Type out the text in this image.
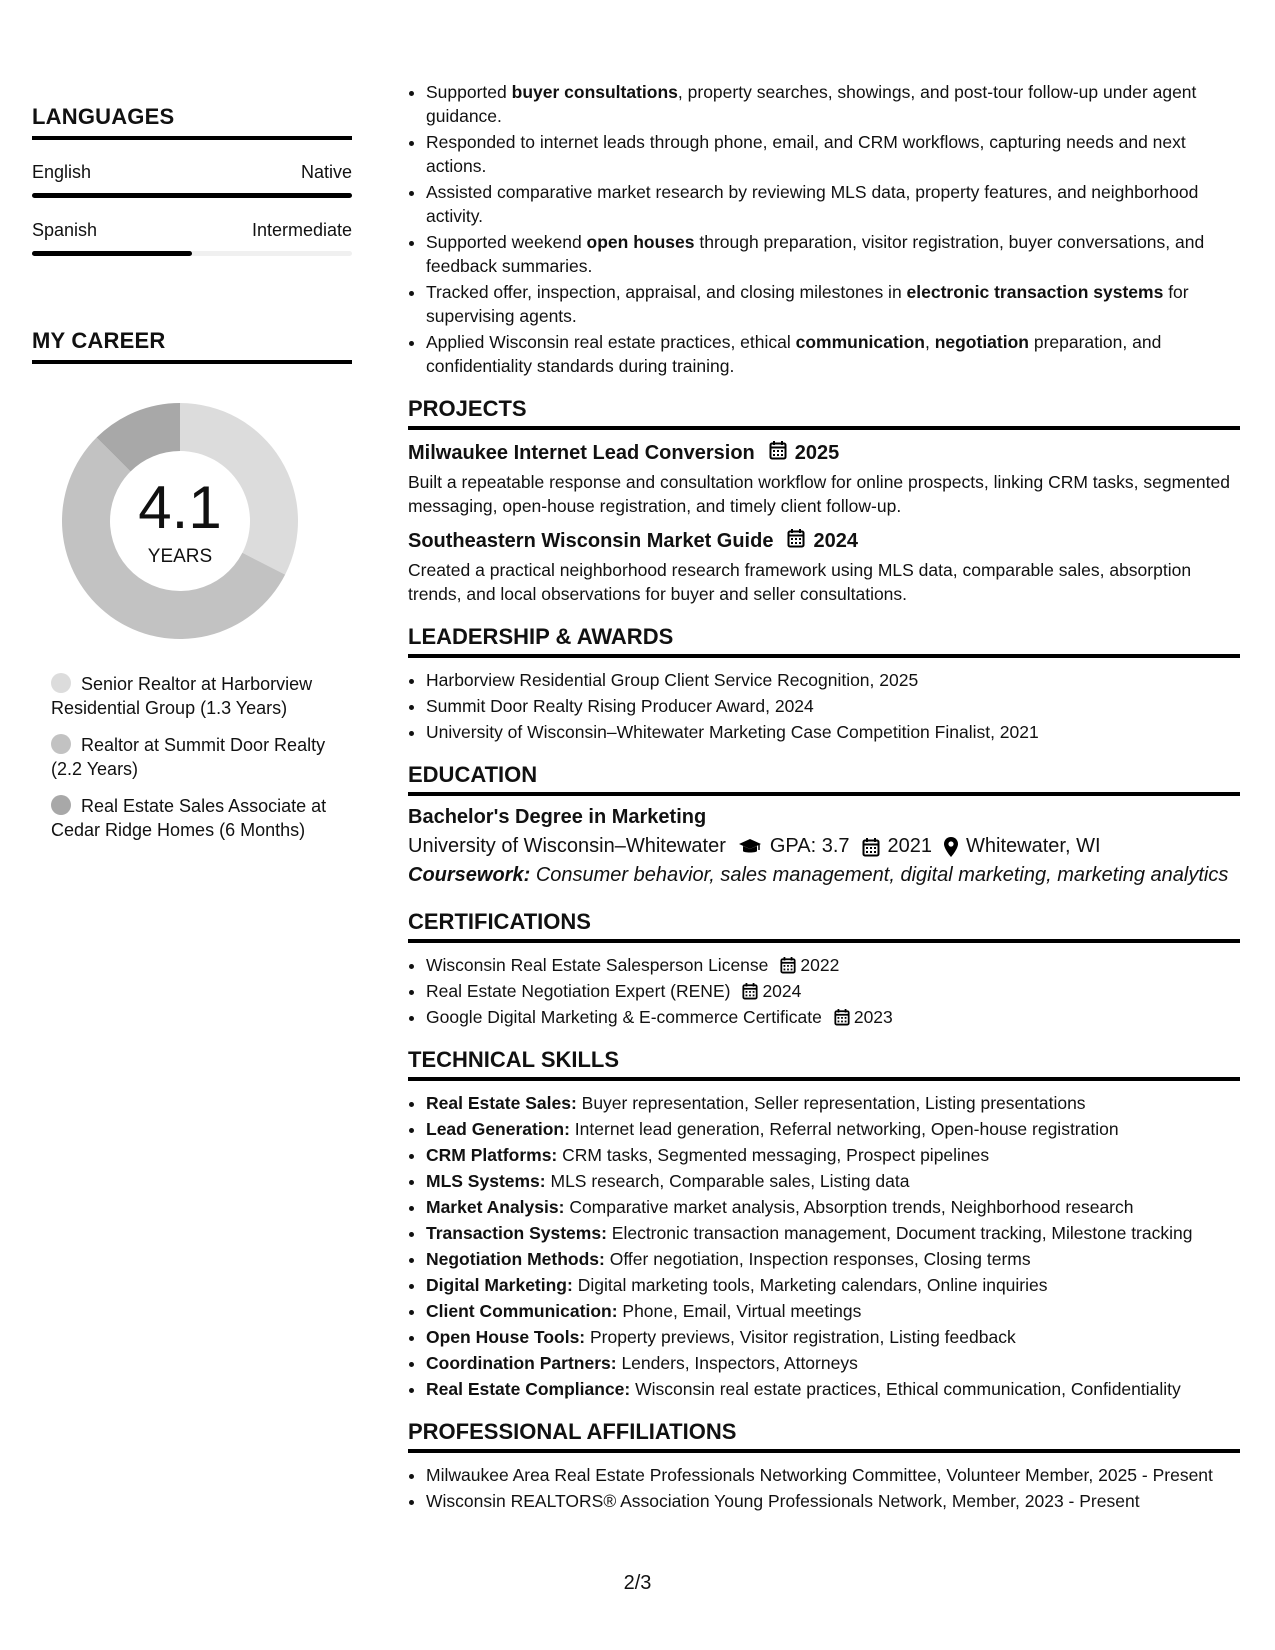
LANGUAGES
English	Native
Spanish	Intermediate
MY CAREER
4.1
YEARS
Senior Realtor at Harborview Residential Group (1.3 Years)
Realtor at Summit Door Realty (2.2 Years)
Real Estate Sales Associate at Cedar Ridge Homes (6 Months)
• Supported buyer consultations, property searches, showings, and post-tour follow-up under agent guidance.
• Responded to internet leads through phone, email, and CRM workflows, capturing needs and next actions.
• Assisted comparative market research by reviewing MLS data, property features, and neighborhood activity.
• Supported weekend open houses through preparation, visitor registration, buyer conversations, and feedback summaries.
• Tracked offer, inspection, appraisal, and closing milestones in electronic transaction systems for supervising agents.
• Applied Wisconsin real estate practices, ethical communication, negotiation preparation, and confidentiality standards during training.
PROJECTS
Milwaukee Internet Lead Conversion 2025
Built a repeatable response and consultation workflow for online prospects, linking CRM tasks, segmented messaging, open-house registration, and timely client follow-up.
Southeastern Wisconsin Market Guide 2024
Created a practical neighborhood research framework using MLS data, comparable sales, absorption trends, and local observations for buyer and seller consultations.
LEADERSHIP & AWARDS
• Harborview Residential Group Client Service Recognition, 2025
• Summit Door Realty Rising Producer Award, 2024
• University of Wisconsin–Whitewater Marketing Case Competition Finalist, 2021
EDUCATION
Bachelor's Degree in Marketing
University of Wisconsin–Whitewater GPA: 3.7 2021 Whitewater, WI
Coursework: Consumer behavior, sales management, digital marketing, marketing analytics
CERTIFICATIONS
• Wisconsin Real Estate Salesperson License 2022
• Real Estate Negotiation Expert (RENE) 2024
• Google Digital Marketing & E-commerce Certificate 2023
TECHNICAL SKILLS
• Real Estate Sales: Buyer representation, Seller representation, Listing presentations
• Lead Generation: Internet lead generation, Referral networking, Open-house registration
• CRM Platforms: CRM tasks, Segmented messaging, Prospect pipelines
• MLS Systems: MLS research, Comparable sales, Listing data
• Market Analysis: Comparative market analysis, Absorption trends, Neighborhood research
• Transaction Systems: Electronic transaction management, Document tracking, Milestone tracking
• Negotiation Methods: Offer negotiation, Inspection responses, Closing terms
• Digital Marketing: Digital marketing tools, Marketing calendars, Online inquiries
• Client Communication: Phone, Email, Virtual meetings
• Open House Tools: Property previews, Visitor registration, Listing feedback
• Coordination Partners: Lenders, Inspectors, Attorneys
• Real Estate Compliance: Wisconsin real estate practices, Ethical communication, Confidentiality
PROFESSIONAL AFFILIATIONS
• Milwaukee Area Real Estate Professionals Networking Committee, Volunteer Member, 2025 - Present
• Wisconsin REALTORS® Association Young Professionals Network, Member, 2023 - Present
2/3
